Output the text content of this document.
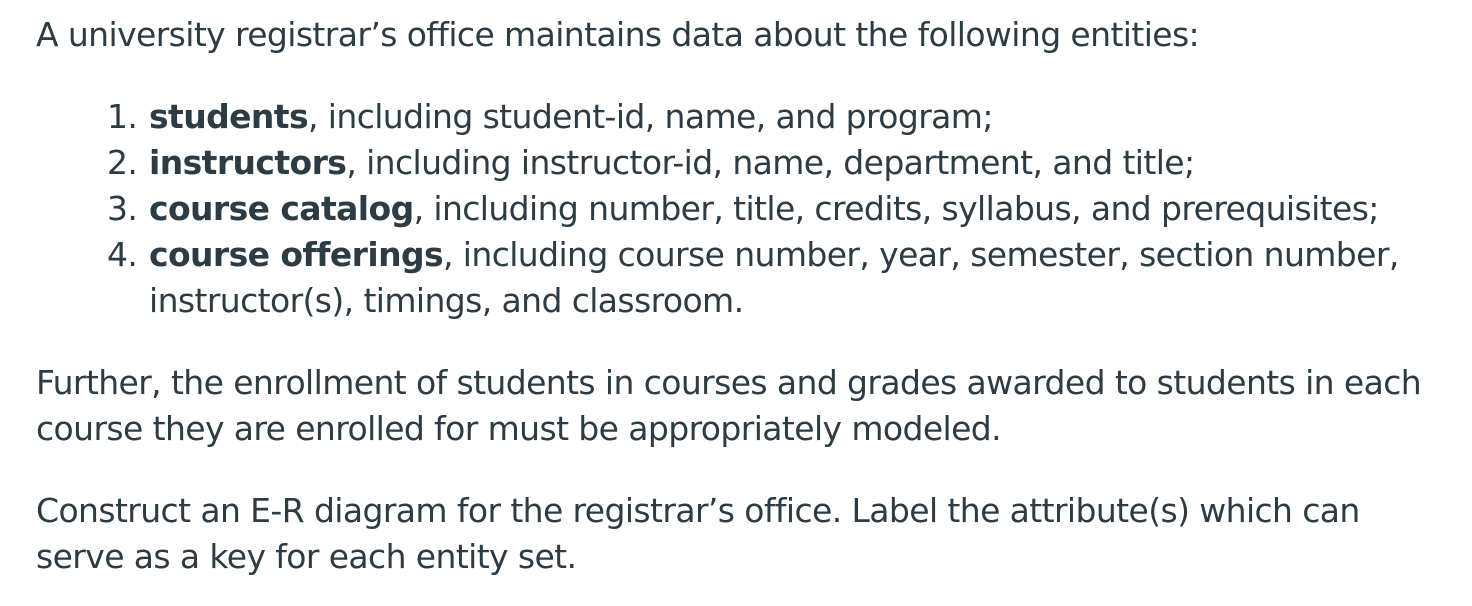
A university registrar’s office maintains data about the following entities:

1. students, including student-id, name, and program;
2. instructors, including instructor-id, name, department, and title;
3. course catalog, including number, title, credits, syllabus, and prerequisites;
4. course offerings, including course number, year, semester, section number, instructor(s), timings, and classroom.

Further, the enrollment of students in courses and grades awarded to students in each course they are enrolled for must be appropriately modeled.

Construct an E-R diagram for the registrar’s office. Label the attribute(s) which can serve as a key for each entity set.
